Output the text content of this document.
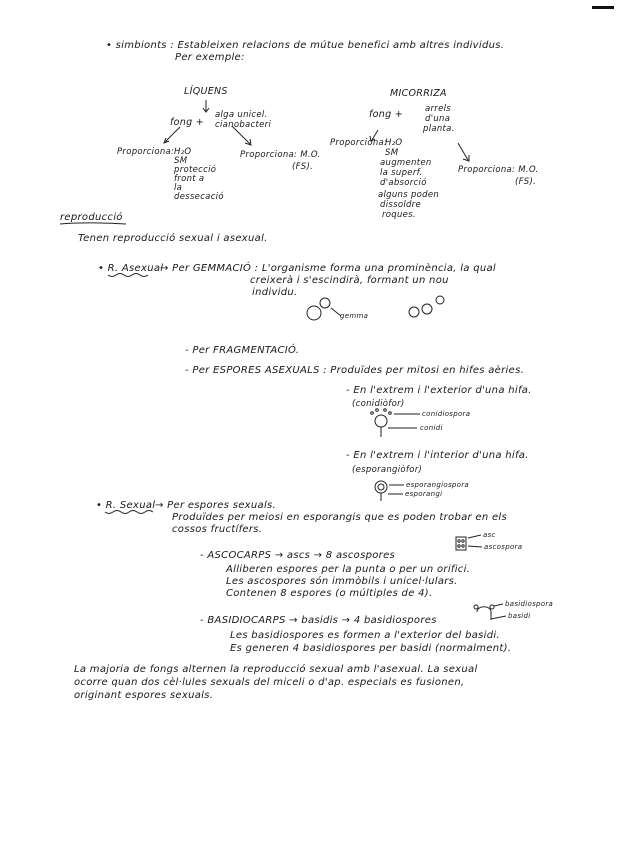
• simbionts : Estableixen relacions de mútue benefici amb altres individus.
Per exemple:
LÍQUENS
fong +
alga unicel.
cianobacteri
Proporciona: H₂O
SM
protecció
front a
la
dessecació
Proporciona: M.O.
(FS).
MICORRIZA
fong +	arrels
d'una
planta.
Proporciona:
H₂O
SM
augmenten
la superf.
d'absorció
alguns poden
dissoldre
roques.
Proporciona: M.O.
(FS).
reproducció
Tenen reproducció sexual i asexual.
• R. Asexual
→ Per GEMMACIÓ : L'organisme forma una prominència, la qual
creixerà i s'escindirà, formant un nou
individu.
gemma
- Per FRAGMENTACIÓ.
- Per ESPORES ASEXUALS : Produïdes per mitosi en hifes aèries.
- En l'extrem i l'exterior d'una hifa.
(conidiòfor)
conidiospora
conidi
- En l'extrem i l'interior d'una hifa.
(esporangiòfor)
esporangiospora
esporangi
• R. Sexual → Per espores sexuals.
Produïdes per meiosi en esporangis que es poden trobar en els
cossos fructífers.
- ASCOCARPS → ascs → 8 ascospores
asc
ascospora
Alliberen espores per la punta o per un orifici.
Les ascospores són immòbils i unicel·lulars.
Contenen 8 espores (o múltiples de 4).
- BASIDIOCARPS → basidis → 4 basidiospores
basidiospora
basidi
Les basidiospores es formen a l'exterior del basidi.
Es generen 4 basidiospores per basidi (normalment).
La majoria de fongs alternen la reproducció sexual amb l'asexual. La sexual
ocorre quan dos cèl·lules sexuals del miceli o d'ap. especials es fusionen,
originant espores sexuals.
